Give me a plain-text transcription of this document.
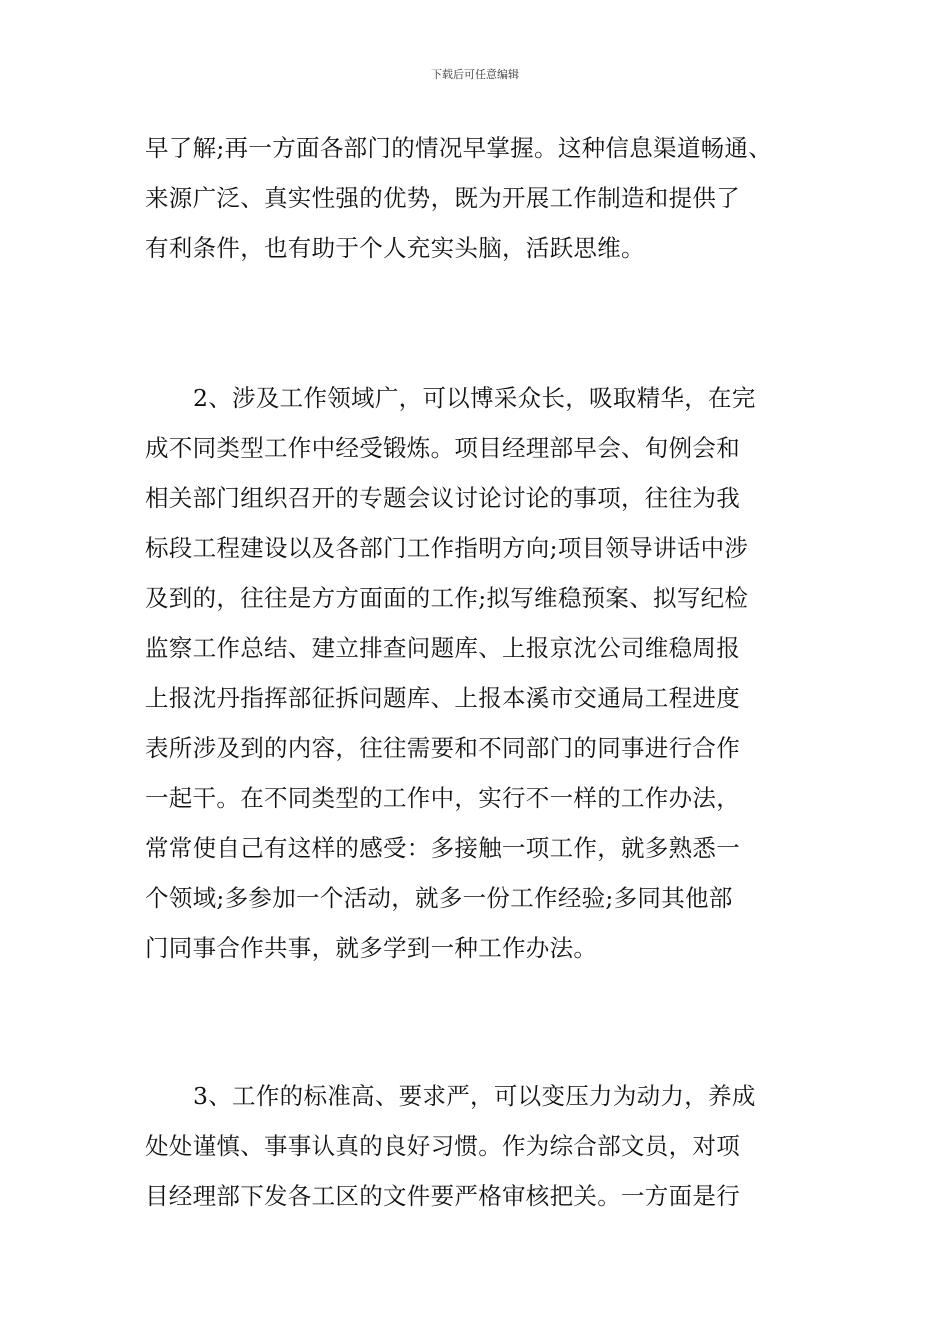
下载后可任意编辑
早了解;再一方面各部门的情况早掌握。这种信息渠道畅通、
来源广泛、真实性强的优势，既为开展工作制造和提供了
有利条件，也有助于个人充实头脑，活跃思维。
2、涉及工作领域广，可以博采众长，吸取精华，在完
成不同类型工作中经受锻炼。项目经理部早会、旬例会和
相关部门组织召开的专题会议讨论讨论的事项，往往为我
标段工程建设以及各部门工作指明方向;项目领导讲话中涉
及到的，往往是方方面面的工作;拟写维稳预案、拟写纪检
监察工作总结、建立排查问题库、上报京沈公司维稳周报
上报沈丹指挥部征拆问题库、上报本溪市交通局工程进度
表所涉及到的内容，往往需要和不同部门的同事进行合作
一起干。在不同类型的工作中，实行不一样的工作办法，
常常使自己有这样的感受：多接触一项工作，就多熟悉一
个领域;多参加一个活动，就多一份工作经验;多同其他部
门同事合作共事，就多学到一种工作办法。
3、工作的标准高、要求严，可以变压力为动力，养成
处处谨慎、事事认真的良好习惯。作为综合部文员，对项
目经理部下发各工区的文件要严格审核把关。一方面是行
